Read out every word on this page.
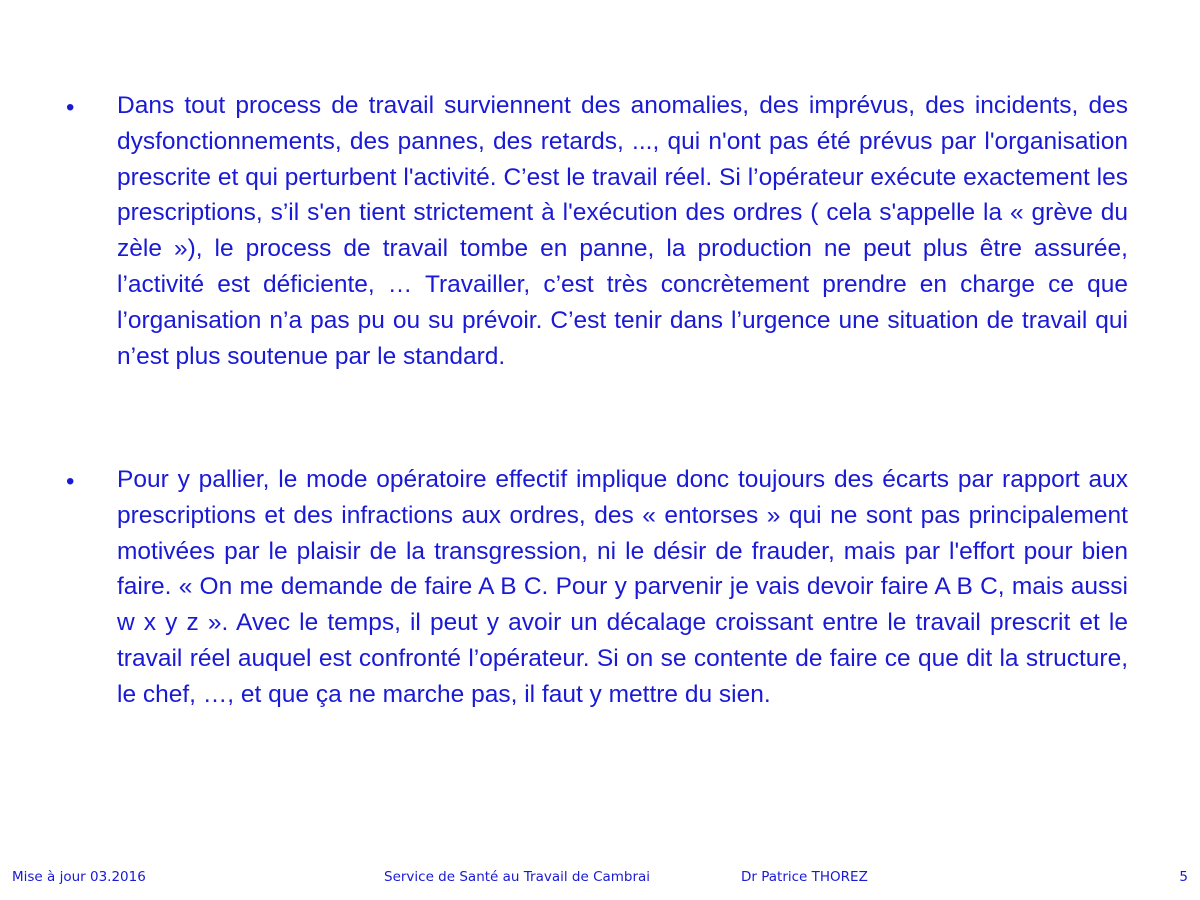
• Dans tout process de travail surviennent des anomalies, des imprévus, des incidents, des dysfonctionnements, des pannes, des retards, ..., qui n'ont pas été prévus par l'organisation prescrite et qui perturbent l'activité. C’est le travail réel. Si l’opérateur exécute exactement les prescriptions, s’il s'en tient strictement à l'exécution des ordres ( cela s'appelle la « grève du zèle »), le process de travail tombe en panne, la production ne peut plus être assurée, l’activité est déficiente, … Travailler, c’est très concrètement prendre en charge ce que l’organisation n’a pas pu ou su prévoir. C’est tenir dans l’urgence une situation de travail qui n’est plus soutenue par le standard.

• Pour y pallier, le mode opératoire effectif implique donc toujours des écarts par rapport aux prescriptions et des infractions aux ordres, des « entorses » qui ne sont pas principalement motivées par le plaisir de la transgression, ni le désir de frauder, mais par l'effort pour bien faire. « On me demande de faire A B C. Pour y parvenir je vais devoir faire A B C, mais aussi w x y z ». Avec le temps, il peut y avoir un décalage croissant entre le travail prescrit et le travail réel auquel est confronté l’opérateur. Si on se contente de faire ce que dit la structure, le chef, …, et que ça ne marche pas, il faut y mettre du sien.

Mise à jour 03.2016	Service de Santé au Travail de Cambrai	Dr Patrice THOREZ	5
